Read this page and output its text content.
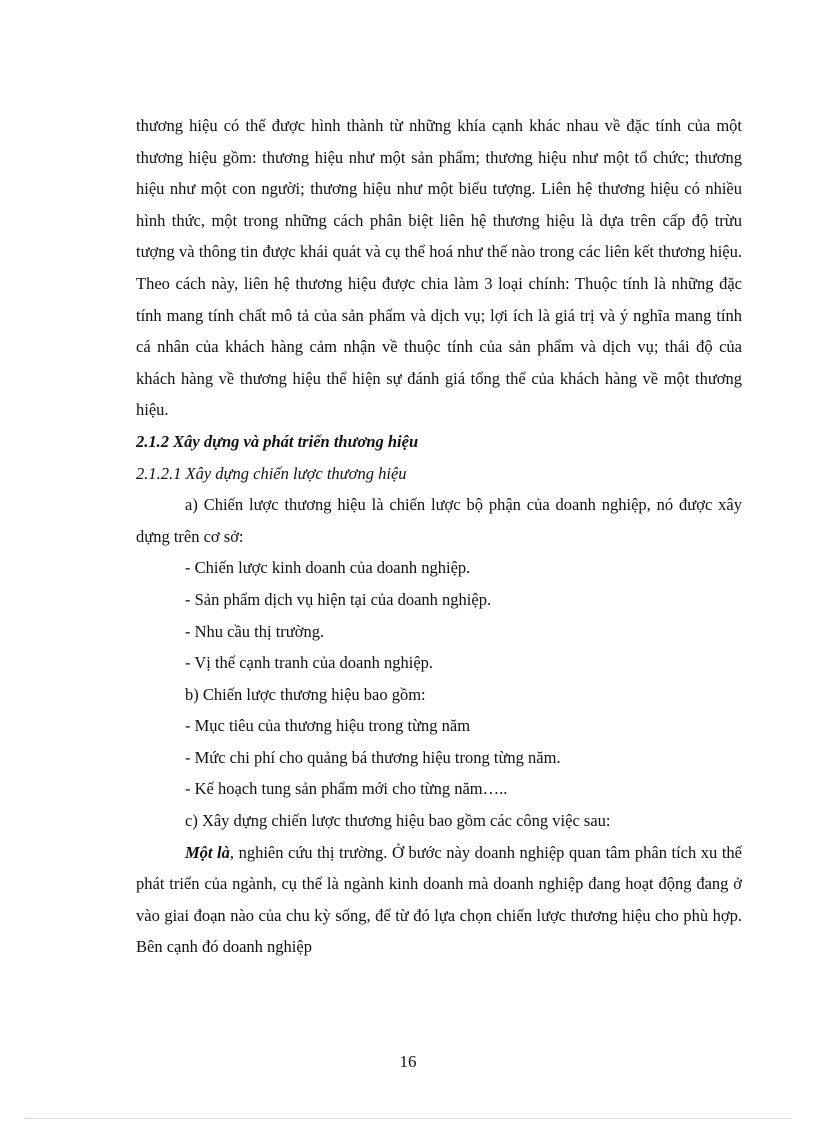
thương hiệu có thể được hình thành từ những khía cạnh khác nhau về đặc tính của một thương hiệu gồm: thương hiệu như một sản phẩm; thương hiệu như một tổ chức; thương hiệu như một con người; thương hiệu như một biểu tượng. Liên hệ thương hiệu có nhiều hình thức, một trong những cách phân biệt liên hệ thương hiệu là dựa trên cấp độ trừu tượng và thông tin được khái quát và cụ thể hoá như thế nào trong các liên kết thương hiệu. Theo cách này, liên hệ thương hiệu được chia làm 3 loại chính: Thuộc tính là những đặc tính mang tính chất mô tả của sản phẩm và dịch vụ; lợi ích là giá trị và ý nghĩa mang tính cá nhân của khách hàng cảm nhận về thuộc tính của sản phẩm và dịch vụ; thái độ của khách hàng về thương hiệu thể hiện sự đánh giá tổng thể của khách hàng về một thương hiệu.

2.1.2 Xây dựng và phát triển thương hiệu

2.1.2.1 Xây dựng chiến lược thương hiệu

a) Chiến lược thương hiệu là chiến lược bộ phận của doanh nghiệp, nó được xây dựng trên cơ sở:

- Chiến lược kinh doanh của doanh nghiệp.

- Sản phẩm dịch vụ hiện tại của doanh nghiệp.

- Nhu cầu thị trường.

- Vị thế cạnh tranh của doanh nghiệp.

b) Chiến lược thương hiệu bao gồm:

- Mục tiêu của thương hiệu trong từng năm

- Mức chi phí cho quảng bá thương hiệu trong từng năm.

- Kế hoạch tung sản phẩm mới cho từng năm…..

c) Xây dựng chiến lược thương hiệu bao gồm các công việc sau:

Một là, nghiên cứu thị trường. Ở bước này doanh nghiệp quan tâm phân tích xu thế phát triển của ngành, cụ thể là ngành kinh doanh mà doanh nghiệp đang hoạt động đang ở vào giai đoạn nào của chu kỳ sống, để từ đó lựa chọn chiến lược thương hiệu cho phù hợp. Bên cạnh đó doanh nghiệp

16
